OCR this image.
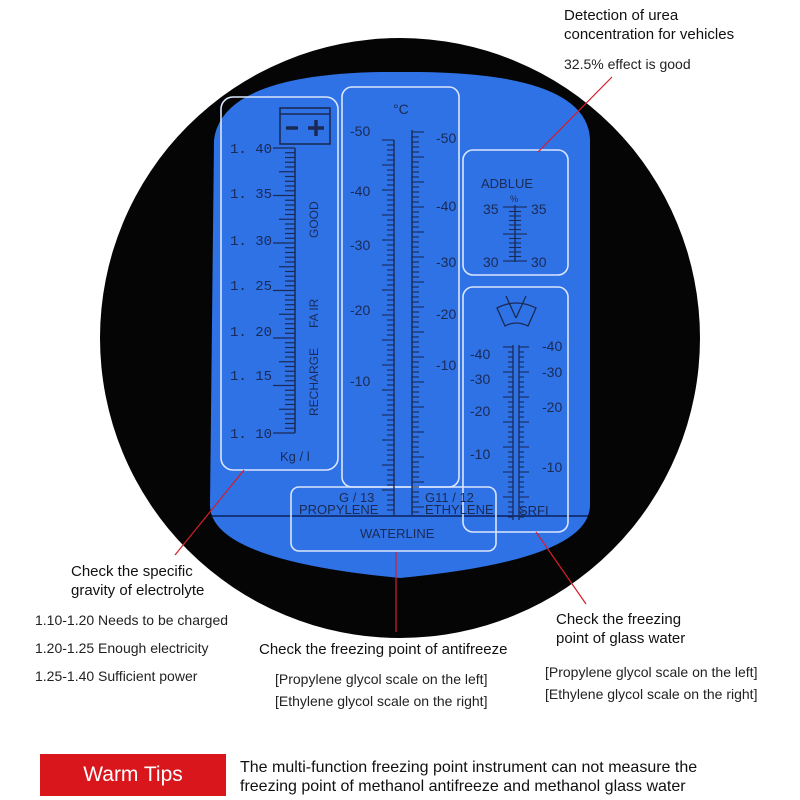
1. 40
1. 35
1. 30
1. 25
1. 20
1. 15
1. 10
GOOD
FA IR
RECHARGE
Kg / l
°C
-50
-40
-30
-20
-10
-50
-40
-30
-20
-10
G / 13
PROPYLENE
G11 / 12
ETHYLENE
WATERLINE
ADBLUE
%
35 35
30 30
-40
-30
-20
-10
-40
-30
-20
-10
SRFI
Detection of urea
concentration for vehicles
32.5% effect is good
Check the specific
gravity of electrolyte
1.10-1.20 Needs to be charged
1.20-1.25 Enough electricity
1.25-1.40 Sufficient power
Check the freezing point of antifreeze
[Propylene glycol scale on the left]
[Ethylene glycol scale on the right]
Check the freezing
point of glass water
[Propylene glycol scale on the left]
[Ethylene glycol scale on the right]
Warm Tips	The multi-function freezing point instrument can not measure the
freezing point of methanol antifreeze and methanol glass water
